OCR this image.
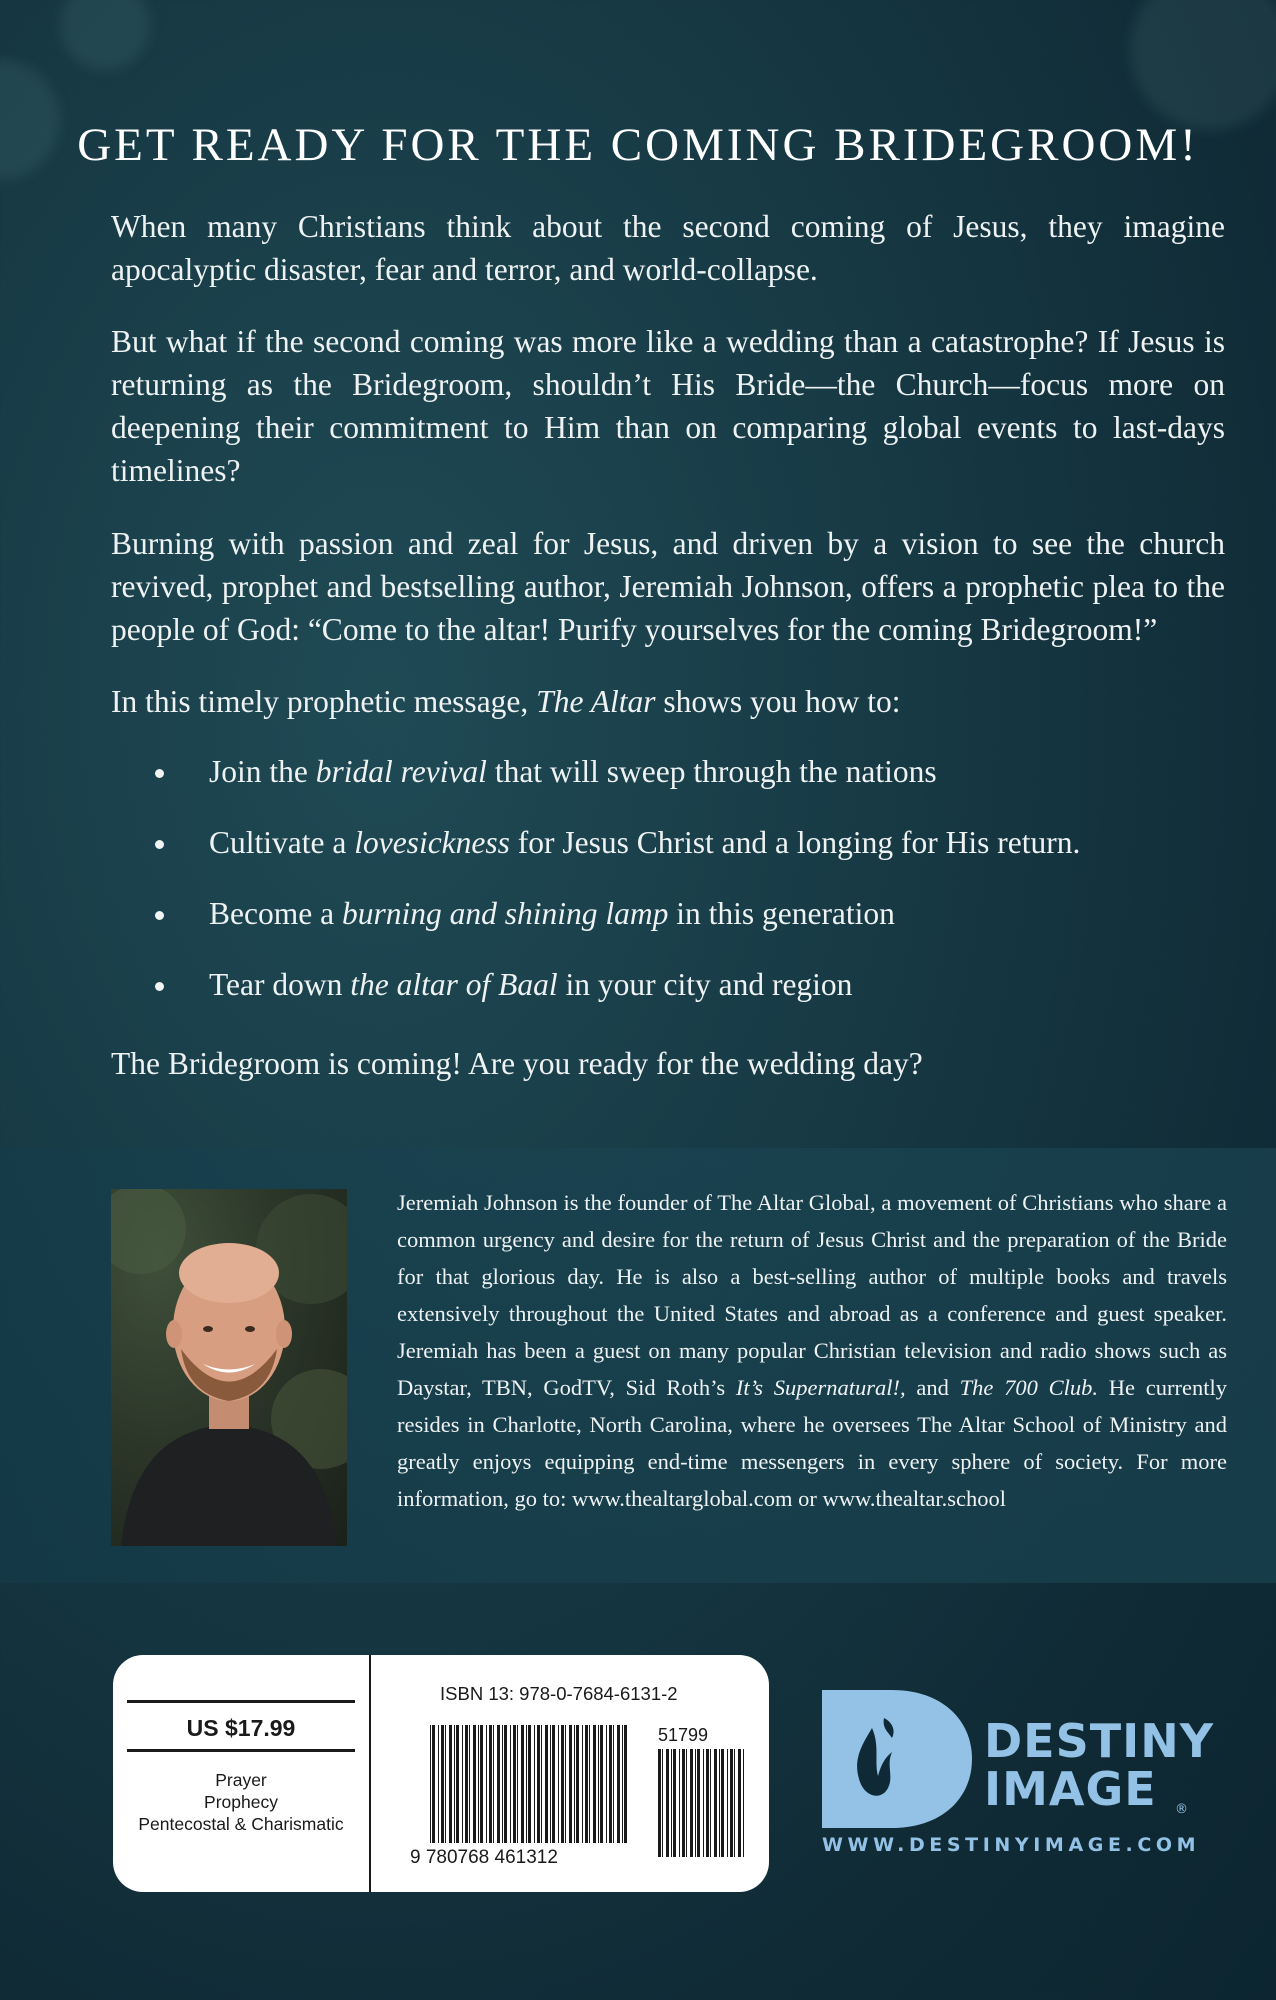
GET READY FOR THE COMING BRIDEGROOM!

When many Christians think about the second coming of Jesus, they imagine apocalyptic disaster, fear and terror, and world-collapse.

But what if the second coming was more like a wedding than a catastrophe? If Jesus is returning as the Bridegroom, shouldn’t His Bride—the Church—focus more on deepening their commitment to Him than on comparing global events to last-days timelines?

Burning with passion and zeal for Jesus, and driven by a vision to see the church revived, prophet and bestselling author, Jeremiah Johnson, offers a prophetic plea to the people of God: “Come to the altar! Purify yourselves for the coming Bridegroom!”

In this timely prophetic message, The Altar shows you how to:

Join the bridal revival that will sweep through the nations
Cultivate a lovesickness for Jesus Christ and a longing for His return.
Become a burning and shining lamp in this generation
Tear down the altar of Baal in your city and region

The Bridegroom is coming! Are you ready for the wedding day?

Jeremiah Johnson is the founder of The Altar Global, a movement of Christians who share a common urgency and desire for the return of Jesus Christ and the preparation of the Bride for that glorious day. He is also a best-selling author of multiple books and travels extensively throughout the United States and abroad as a conference and guest speaker. Jeremiah has been a guest on many popular Christian television and radio shows such as Daystar, TBN, GodTV, Sid Roth’s It’s Supernatural!, and The 700 Club. He currently resides in Charlotte, North Carolina, where he oversees The Altar School of Ministry and greatly enjoys equipping end-time messengers in every sphere of society. For more information, go to: www.thealtarglobal.com or www.thealtar.school

US $17.99
Prayer
Prophecy
Pentecostal & Charismatic
ISBN 13: 978-0-7684-6131-2
9 780768 461312
51799	DESTINY
IMAGE ®
WWW.DESTINYIMAGE.COM
